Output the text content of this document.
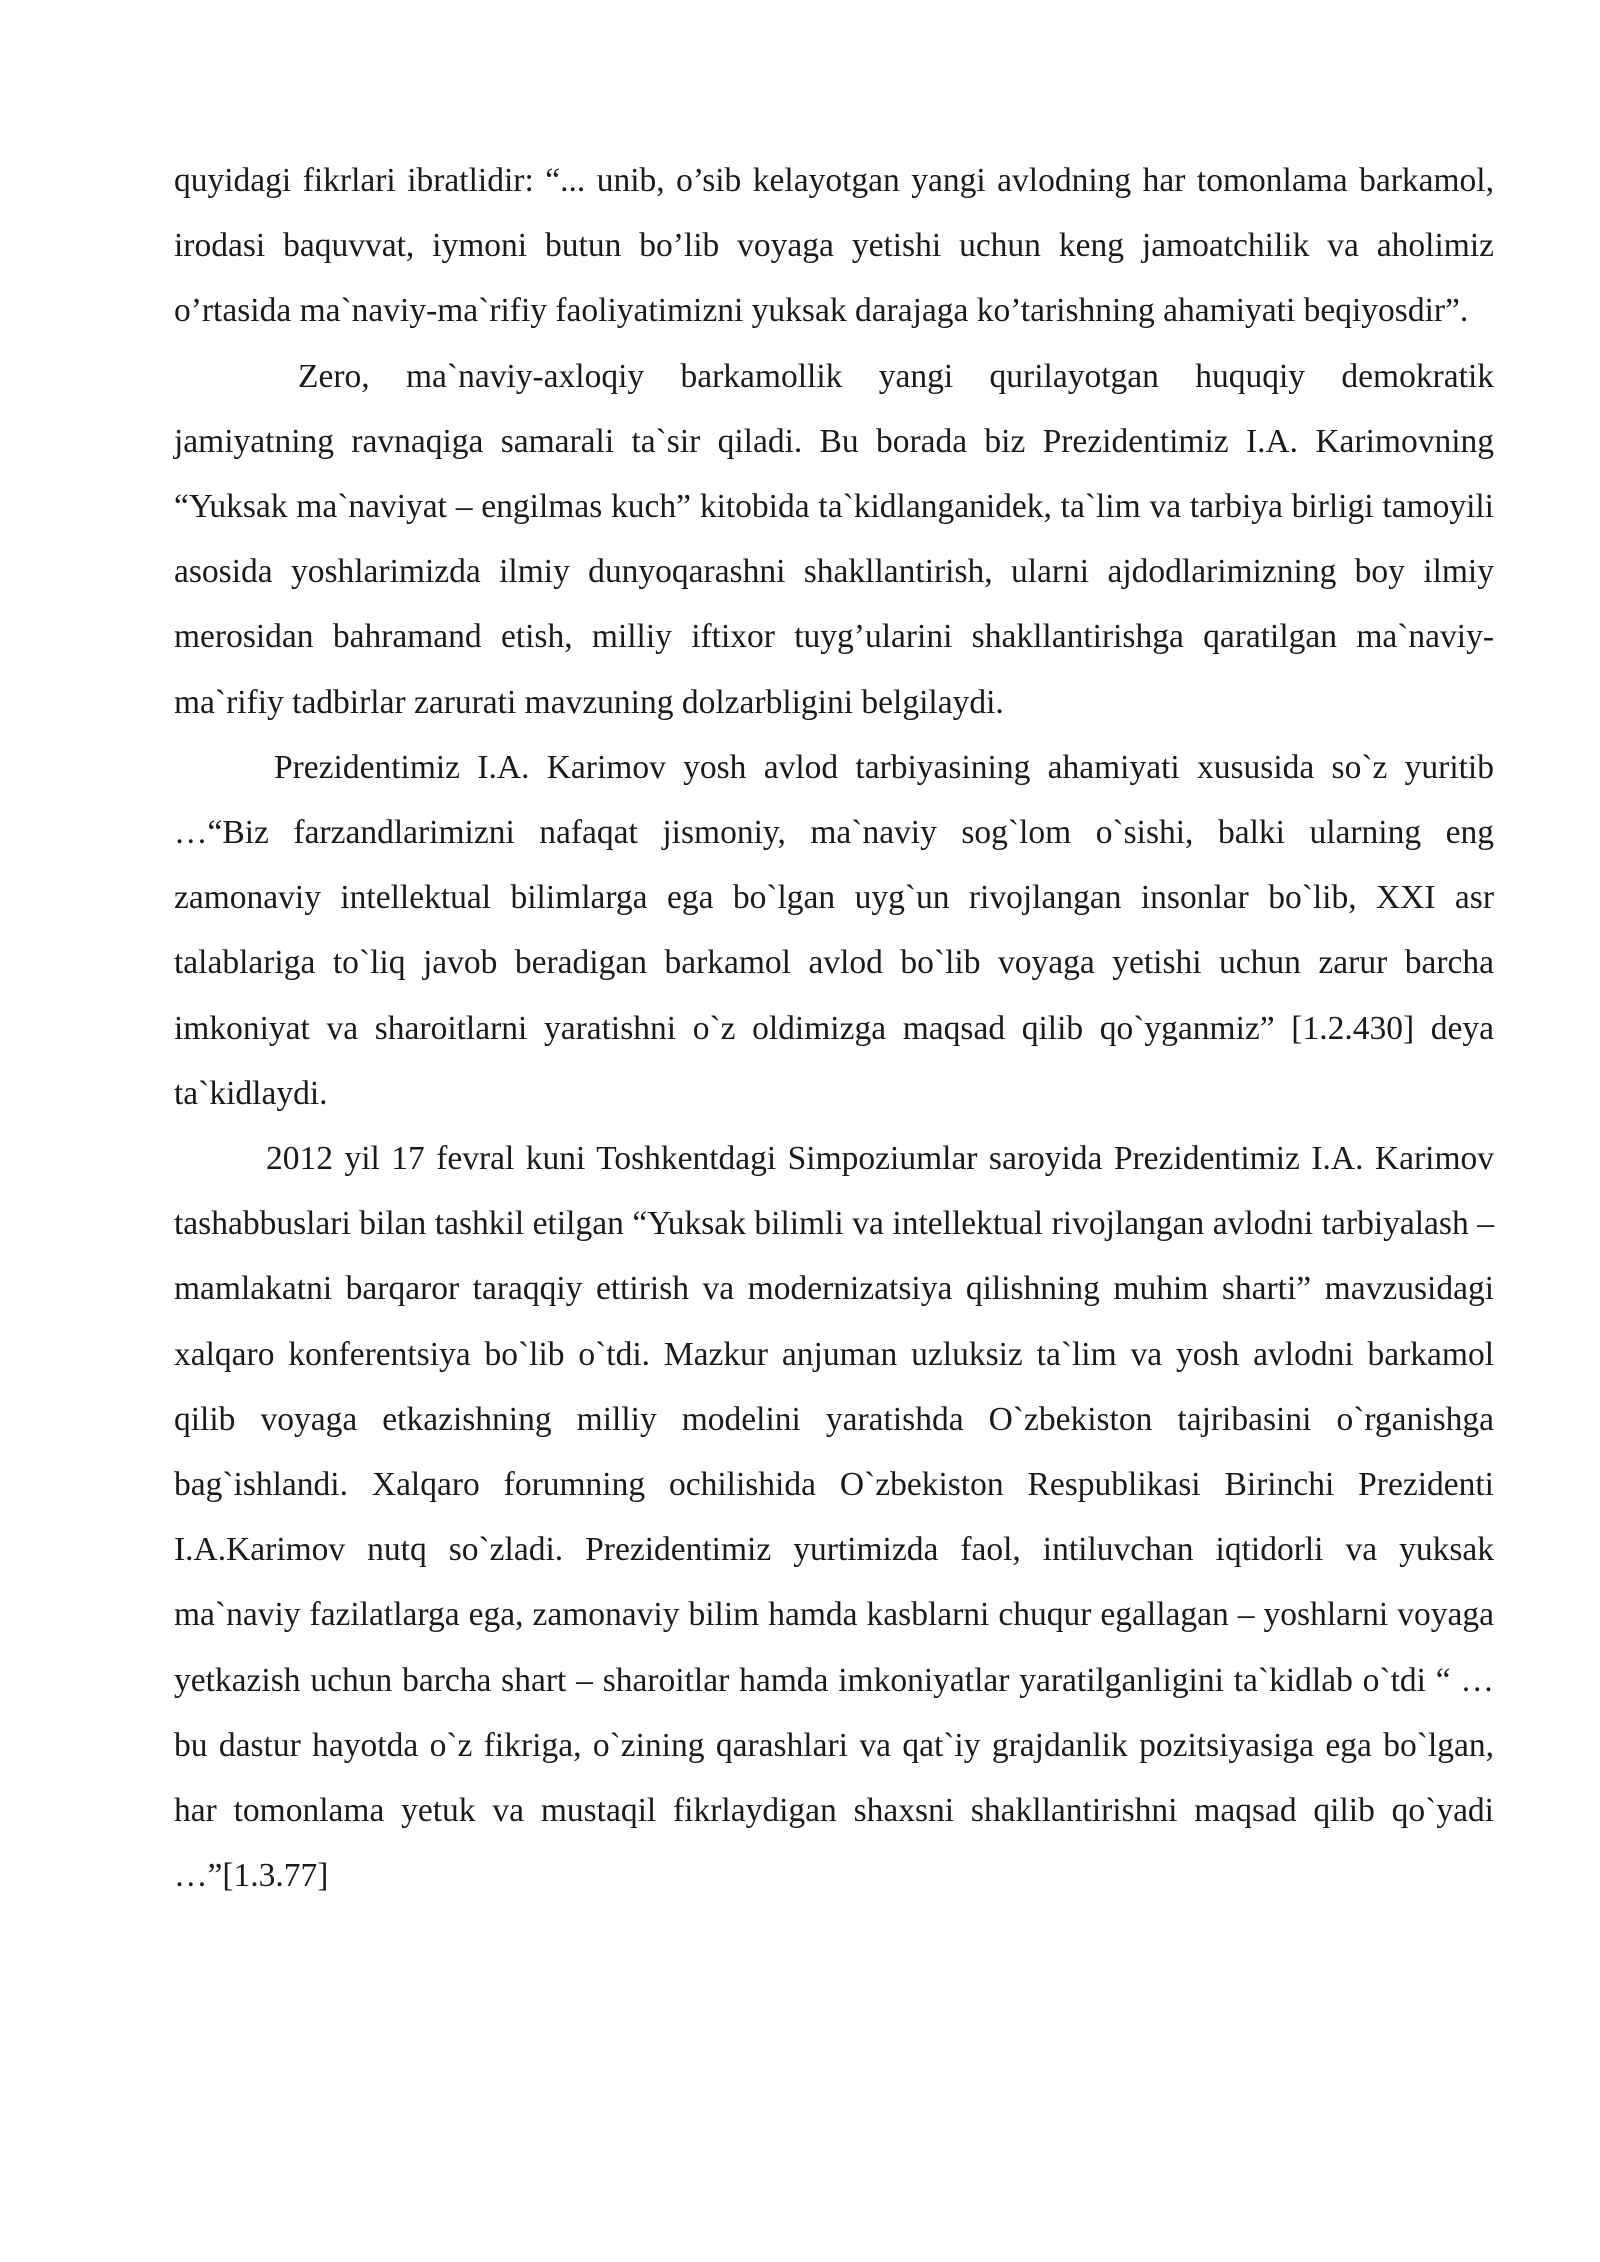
quyidagi fikrlari ibratlidir: “... unib, o’sib kelayotgan yangi avlodning har tomonlama barkamol, irodasi baquvvat, iymoni butun bo’lib voyaga yetishi uchun keng jamoatchilik va aholimiz o’rtasida ma`naviy-ma`rifiy faoliyatimizni yuksak darajaga ko’tarishning ahamiyati beqiyosdir”.

Zero, ma`naviy-axloqiy barkamollik yangi qurilayotgan huquqiy demokratik jamiyatning ravnaqiga samarali ta`sir qiladi. Bu borada biz Prezidentimiz I.A. Karimovning “Yuksak ma`naviyat – engilmas kuch” kitobida ta`kidlanganidek, ta`lim va tarbiya birligi tamoyili asosida yoshlarimizda ilmiy dunyoqarashni shakllantirish, ularni ajdodlarimizning boy ilmiy merosidan bahramand etish, milliy iftixor tuyg’ularini shakllantirishga qaratilgan ma`naviy-ma`rifiy tadbirlar zarurati mavzuning dolzarbligini belgilaydi.

Prezidentimiz I.A. Karimov yosh avlod tarbiyasining ahamiyati xususida so`z yuritib …“Biz farzandlarimizni nafaqat jismoniy, ma`naviy sog`lom o`sishi, balki ularning eng zamonaviy intellektual bilimlarga ega bo`lgan uyg`un rivojlangan insonlar bo`lib, XXI asr talablariga to`liq javob beradigan barkamol avlod bo`lib voyaga yetishi uchun zarur barcha imkoniyat va sharoitlarni yaratishni o`z oldimizga maqsad qilib qo`yganmiz” [1.2.430] deya ta`kidlaydi.

2012 yil 17 fevral kuni Toshkentdagi Simpoziumlar saroyida Prezidentimiz I.A. Karimov tashabbuslari bilan tashkil etilgan “Yuksak bilimli va intellektual rivojlangan avlodni tarbiyalash – mamlakatni barqaror taraqqiy ettirish va modernizatsiya qilishning muhim sharti” mavzusidagi xalqaro konferentsiya bo`lib o`tdi. Mazkur anjuman uzluksiz ta`lim va yosh avlodni barkamol qilib voyaga etkazishning milliy modelini yaratishda O`zbekiston tajribasini o`rganishga bag`ishlandi. Xalqaro forumning ochilishida O`zbekiston Respublikasi Birinchi Prezidenti I.A.Karimov nutq so`zladi. Prezidentimiz yurtimizda faol, intiluvchan iqtidorli va yuksak ma`naviy fazilatlarga ega, zamonaviy bilim hamda kasblarni chuqur egallagan – yoshlarni voyaga yetkazish uchun barcha shart – sharoitlar hamda imkoniyatlar yaratilganligini ta`kidlab o`tdi “ … bu dastur hayotda o`z fikriga, o`zining qarashlari va qat`iy grajdanlik pozitsiyasiga ega bo`lgan, har tomonlama yetuk va mustaqil fikrlaydigan shaxsni shakllantirishni maqsad qilib qo`yadi …”[1.3.77]
